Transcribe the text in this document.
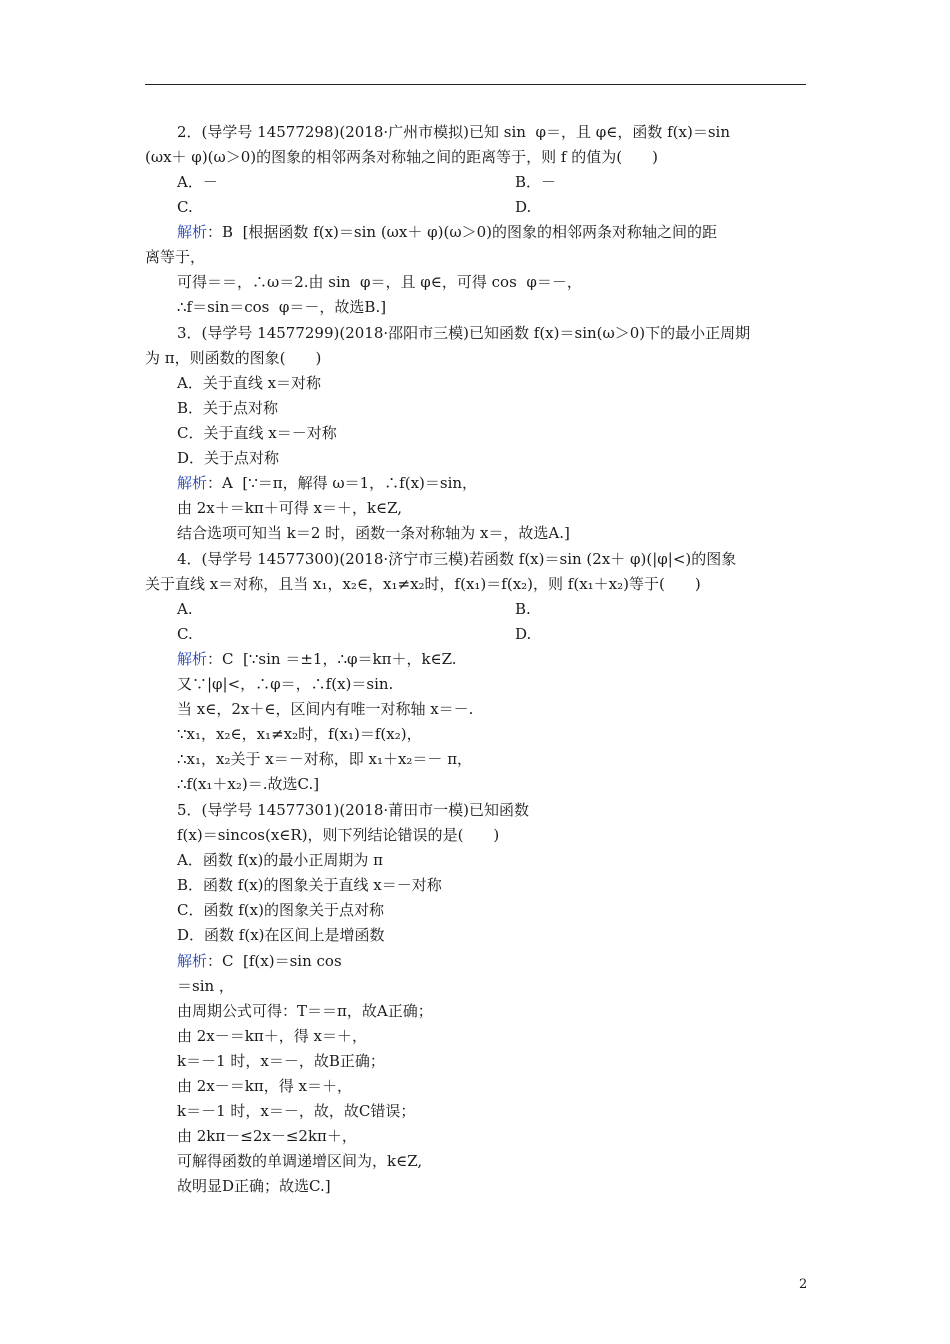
2．(导学号 14577298)(2018·广州市模拟)已知 sin  φ＝，且 φ∈，函数 f(x)＝sin
(ωx＋ φ)(ω＞0)的图象的相邻两条对称轴之间的距离等于，则 f 的值为(　　)
A．－	B．－
C.	D.
解析：B  [根据函数 f(x)＝sin (ωx＋ φ)(ω＞0)的图象的相邻两条对称轴之间的距
离等于，
可得＝＝，∴ω＝2.由 sin  φ＝，且 φ∈，可得 cos  φ＝－，
∴f＝sin＝cos  φ＝－，故选B.]
3．(导学号 14577299)(2018·邵阳市三模)已知函数 f(x)＝sin(ω＞0)下的最小正周期
为 π，则函数的图象(　　)
A．关于直线 x＝对称
B．关于点对称
C．关于直线 x＝－对称
D．关于点对称
解析：A  [∵＝π，解得 ω＝1，∴f(x)＝sin，
由 2x＋＝kπ＋可得 x＝＋，k∈Z,
结合选项可知当 k＝2 时，函数一条对称轴为 x＝，故选A.]
4．(导学号 14577300)(2018·济宁市三模)若函数 f(x)＝sin (2x＋ φ)(|φ|<)的图象
关于直线 x＝对称，且当 x₁，x₂∈，x₁≠x₂时，f(x₁)＝f(x₂)，则 f(x₁＋x₂)等于(　　)
A.	B.
C.	D.
解析：C  [∵sin ＝±1，∴φ＝kπ＋，k∈Z.
又∵|φ|<，∴φ＝，∴f(x)＝sin.
当 x∈，2x＋∈，区间内有唯一对称轴 x＝－.
∵x₁，x₂∈，x₁≠x₂时，f(x₁)＝f(x₂)，
∴x₁，x₂关于 x＝－对称，即 x₁＋x₂＝－ π，
∴f(x₁＋x₂)＝.故选C.]
5．(导学号 14577301)(2018·莆田市一模)已知函数
f(x)＝sincos(x∈R)，则下列结论错误的是(　　)
A．函数 f(x)的最小正周期为 π
B．函数 f(x)的图象关于直线 x＝－对称
C．函数 f(x)的图象关于点对称
D．函数 f(x)在区间上是增函数
解析：C  [f(x)＝sin cos
＝sin ，
由周期公式可得：T＝＝π，故A正确；
由 2x－＝kπ＋，得 x＝＋，
k＝－1 时，x＝－，故B正确；
由 2x－＝kπ，得 x＝＋，
k＝－1 时，x＝－，故，故C错误；
由 2kπ－≤2x－≤2kπ＋，
可解得函数的单调递增区间为，k∈Z,
故明显D正确；故选C.]
2
